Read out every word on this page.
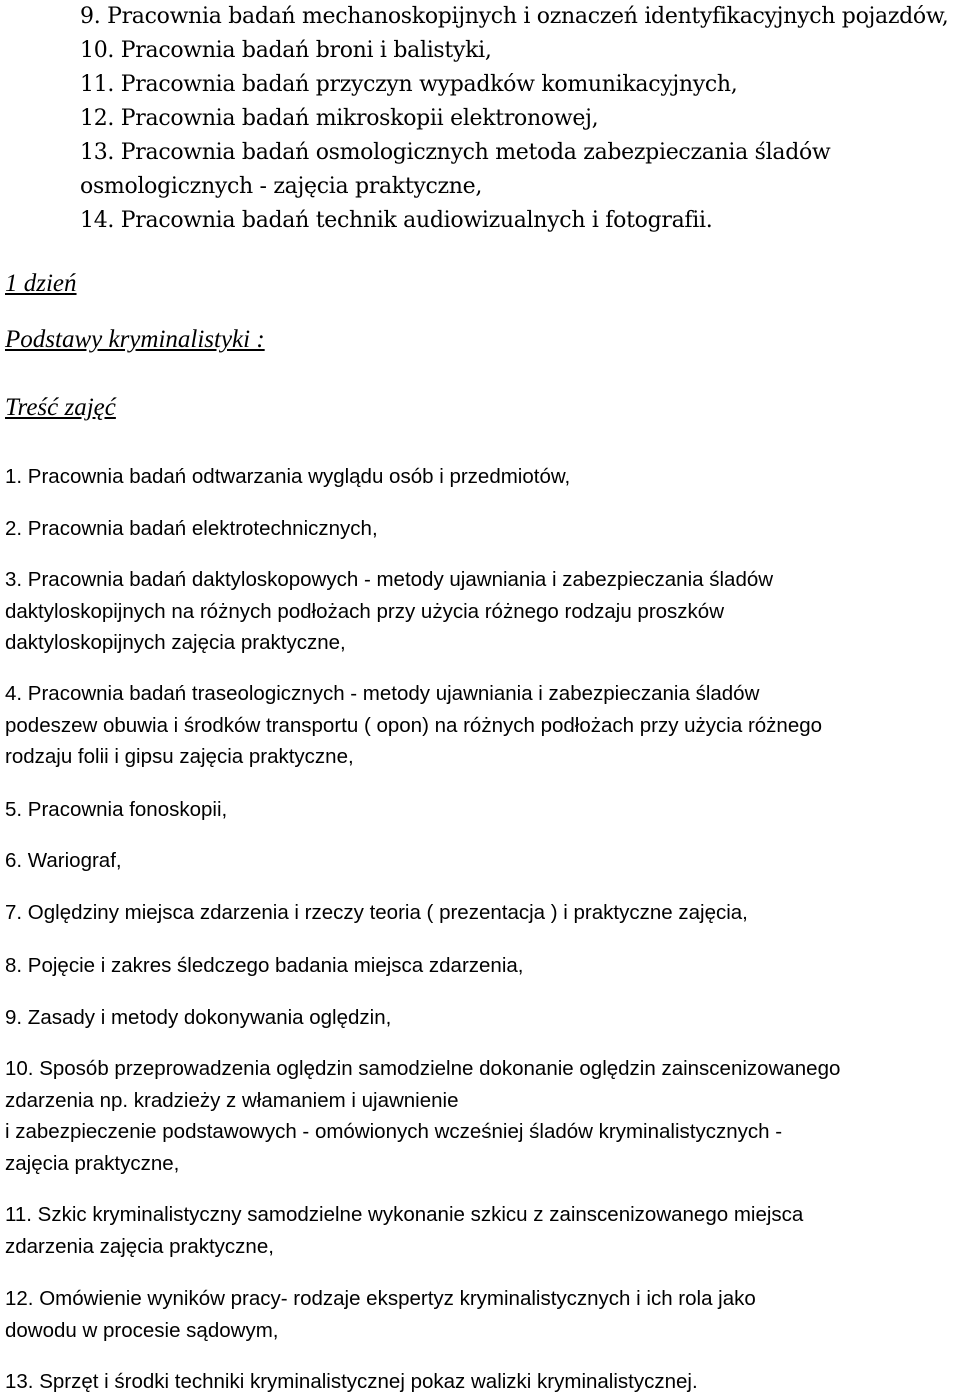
9. Pracownia badań mechanoskopijnych i oznaczeń identyfikacyjnych pojazdów,
10. Pracownia badań broni i balistyki,
11. Pracownia badań przyczyn wypadków komunikacyjnych,
12. Pracownia badań mikroskopii elektronowej,
13. Pracownia badań osmologicznych metoda zabezpieczania śladów
osmologicznych - zajęcia praktyczne,
14. Pracownia badań technik audiowizualnych i fotografii.
1 dzień
Podstawy kryminalistyki :
Treść zajęć
1. Pracownia badań odtwarzania wyglądu osób i przedmiotów,
2. Pracownia badań elektrotechnicznych,
3. Pracownia badań daktyloskopowych - metody ujawniania i zabezpieczania śladów
daktyloskopijnych na różnych podłożach przy użycia różnego rodzaju proszków
daktyloskopijnych zajęcia praktyczne,
4. Pracownia badań traseologicznych - metody ujawniania i zabezpieczania śladów
podeszew obuwia i środków transportu ( opon) na różnych podłożach przy użycia różnego
rodzaju folii i gipsu zajęcia praktyczne,
5. Pracownia fonoskopii,
6. Wariograf,
7. Oględziny miejsca zdarzenia i rzeczy teoria ( prezentacja ) i praktyczne zajęcia,
8. Pojęcie i zakres śledczego badania miejsca zdarzenia,
9. Zasady i metody dokonywania oględzin,
10. Sposób przeprowadzenia oględzin samodzielne dokonanie oględzin zainscenizowanego
zdarzenia np. kradzieży z włamaniem i ujawnienie
i zabezpieczenie podstawowych - omówionych wcześniej śladów kryminalistycznych -
zajęcia praktyczne,
11. Szkic kryminalistyczny samodzielne wykonanie szkicu z zainscenizowanego miejsca
zdarzenia zajęcia praktyczne,
12. Omówienie wyników pracy- rodzaje ekspertyz kryminalistycznych i ich rola jako
dowodu w procesie sądowym,
13. Sprzęt i środki techniki kryminalistycznej pokaz walizki kryminalistycznej.
